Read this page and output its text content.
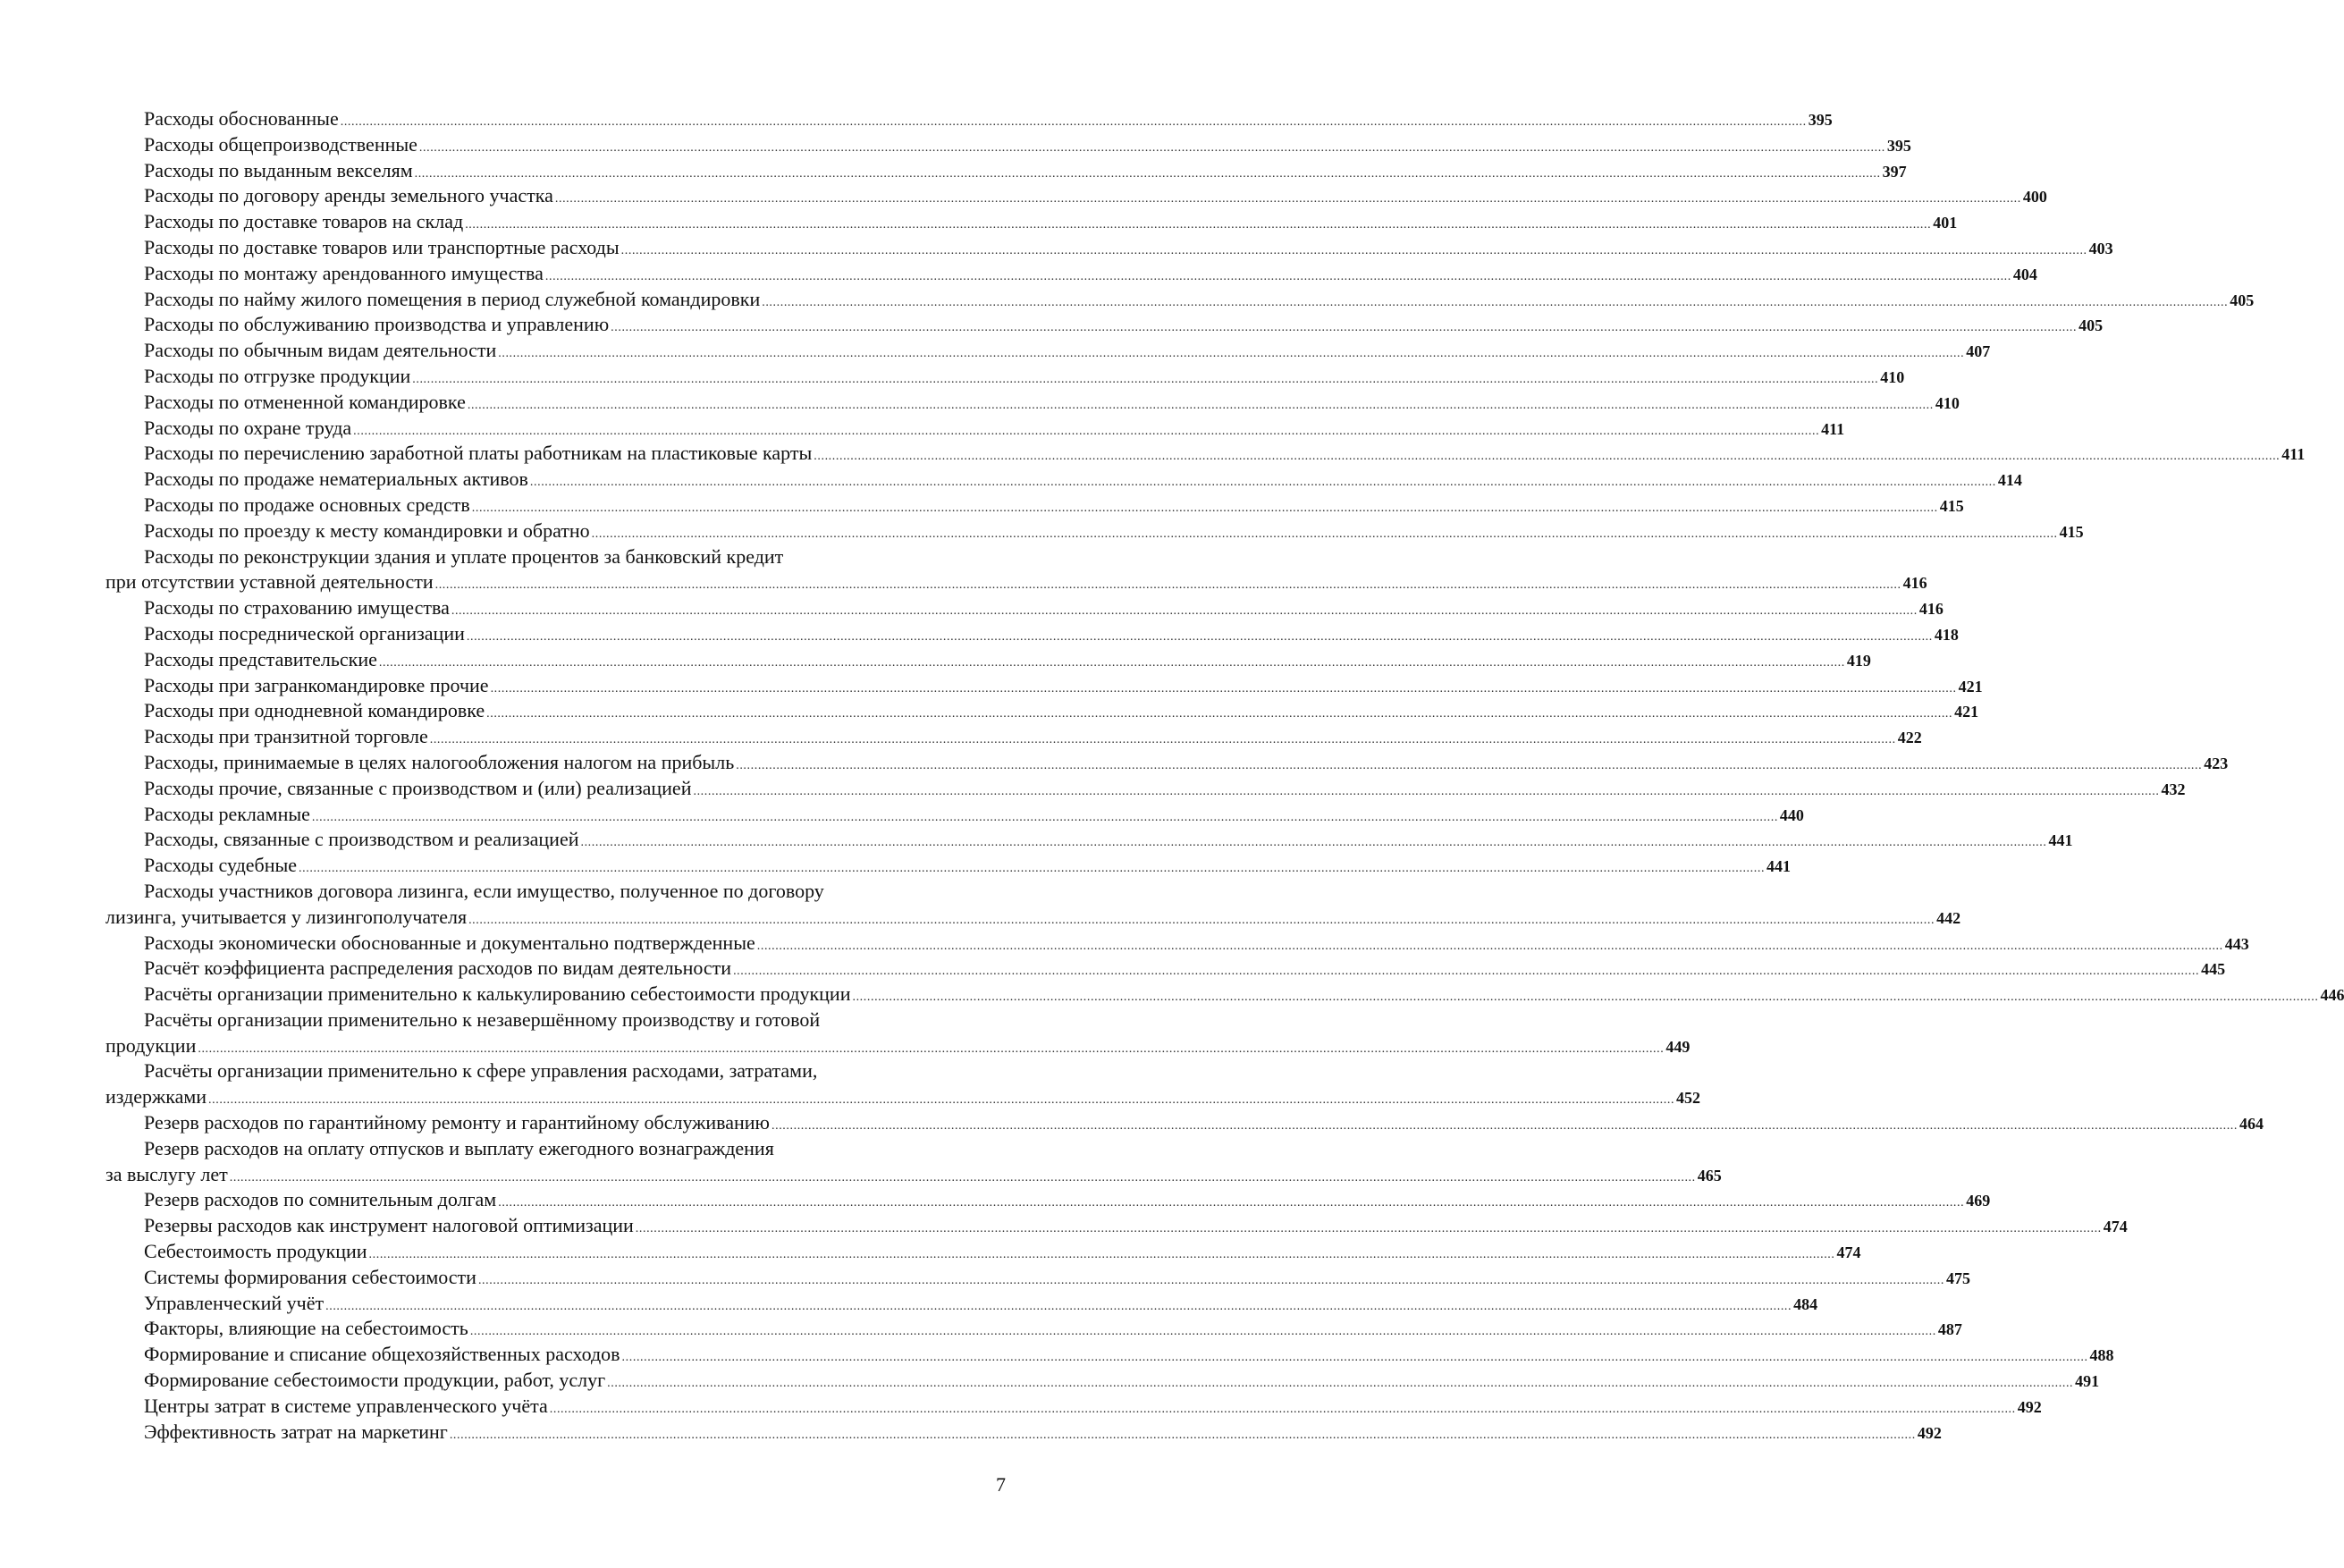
Расходы обоснованные ................................................................................................................................................................................................................................................................................................................................................................................................................ 395
Расходы общепроизводственные ................................................................................................................................................................................................................................................................................................................................................................................................................ 395
Расходы по выданным векселям ................................................................................................................................................................................................................................................................................................................................................................................................................ 397
Расходы по договору аренды земельного участка ................................................................................................................................................................................................................................................................................................................................................................................................................ 400
Расходы по доставке товаров на склад ................................................................................................................................................................................................................................................................................................................................................................................................................ 401
Расходы по доставке товаров или транспортные расходы ................................................................................................................................................................................................................................................................................................................................................................................................................ 403
Расходы по монтажу арендованного имущества ................................................................................................................................................................................................................................................................................................................................................................................................................ 404
Расходы по найму жилого помещения в период служебной командировки ................................................................................................................................................................................................................................................................................................................................................................................................................ 405
Расходы по обслуживанию производства и управлению ................................................................................................................................................................................................................................................................................................................................................................................................................ 405
Расходы по обычным видам деятельности ................................................................................................................................................................................................................................................................................................................................................................................................................ 407
Расходы по отгрузке продукции ................................................................................................................................................................................................................................................................................................................................................................................................................ 410
Расходы по отмененной командировке ................................................................................................................................................................................................................................................................................................................................................................................................................ 410
Расходы по охране труда ................................................................................................................................................................................................................................................................................................................................................................................................................ 411
Расходы по перечислению заработной платы работникам на пластиковые карты ................................................................................................................................................................................................................................................................................................................................................................................................................ 411
Расходы по продаже нематериальных активов ................................................................................................................................................................................................................................................................................................................................................................................................................ 414
Расходы по продаже основных средств ................................................................................................................................................................................................................................................................................................................................................................................................................ 415
Расходы по проезду к месту командировки и обратно ................................................................................................................................................................................................................................................................................................................................................................................................................ 415
Расходы по реконструкции здания и уплате процентов за банковский кредит
при отсутствии уставной деятельности ................................................................................................................................................................................................................................................................................................................................................................................................................ 416
Расходы по страхованию имущества ................................................................................................................................................................................................................................................................................................................................................................................................................ 416
Расходы посреднической организации ................................................................................................................................................................................................................................................................................................................................................................................................................ 418
Расходы представительские ................................................................................................................................................................................................................................................................................................................................................................................................................ 419
Расходы при загранкомандировке прочие ................................................................................................................................................................................................................................................................................................................................................................................................................ 421
Расходы при однодневной командировке ................................................................................................................................................................................................................................................................................................................................................................................................................ 421
Расходы при транзитной торговле ................................................................................................................................................................................................................................................................................................................................................................................................................ 422
Расходы, принимаемые в целях налогообложения налогом на прибыль ................................................................................................................................................................................................................................................................................................................................................................................................................ 423
Расходы прочие, связанные с производством и (или) реализацией ................................................................................................................................................................................................................................................................................................................................................................................................................ 432
Расходы рекламные ................................................................................................................................................................................................................................................................................................................................................................................................................ 440
Расходы, связанные с производством и реализацией ................................................................................................................................................................................................................................................................................................................................................................................................................ 441
Расходы судебные ................................................................................................................................................................................................................................................................................................................................................................................................................ 441
Расходы участников договора лизинга, если имущество, полученное по договору
лизинга, учитывается у лизингополучателя ................................................................................................................................................................................................................................................................................................................................................................................................................ 442
Расходы экономически обоснованные и документально подтвержденные ................................................................................................................................................................................................................................................................................................................................................................................................................ 443
Расчёт коэффициента распределения расходов по видам деятельности ................................................................................................................................................................................................................................................................................................................................................................................................................ 445
Расчёты организации применительно к калькулированию себестоимости продукции ................................................................................................................................................................................................................................................................................................................................................................................................................ 446
Расчёты организации применительно к незавершённому производству и готовой
продукции ................................................................................................................................................................................................................................................................................................................................................................................................................ 449
Расчёты организации применительно к сфере управления расходами, затратами,
издержками ................................................................................................................................................................................................................................................................................................................................................................................................................ 452
Резерв расходов по гарантийному ремонту и гарантийному обслуживанию ................................................................................................................................................................................................................................................................................................................................................................................................................ 464
Резерв расходов на оплату отпусков и выплату ежегодного вознаграждения
за выслугу лет ................................................................................................................................................................................................................................................................................................................................................................................................................ 465
Резерв расходов по сомнительным долгам ................................................................................................................................................................................................................................................................................................................................................................................................................ 469
Резервы расходов как инструмент налоговой оптимизации ................................................................................................................................................................................................................................................................................................................................................................................................................ 474
Себестоимость продукции ................................................................................................................................................................................................................................................................................................................................................................................................................ 474
Системы формирования себестоимости ................................................................................................................................................................................................................................................................................................................................................................................................................ 475
Управленческий учёт ................................................................................................................................................................................................................................................................................................................................................................................................................ 484
Факторы, влияющие на себестоимость ................................................................................................................................................................................................................................................................................................................................................................................................................ 487
Формирование и списание общехозяйственных расходов ................................................................................................................................................................................................................................................................................................................................................................................................................ 488
Формирование себестоимости продукции, работ, услуг ................................................................................................................................................................................................................................................................................................................................................................................................................ 491
Центры затрат в системе управленческого учёта ................................................................................................................................................................................................................................................................................................................................................................................................................ 492
Эффективность затрат на маркетинг ................................................................................................................................................................................................................................................................................................................................................................................................................ 492
7
